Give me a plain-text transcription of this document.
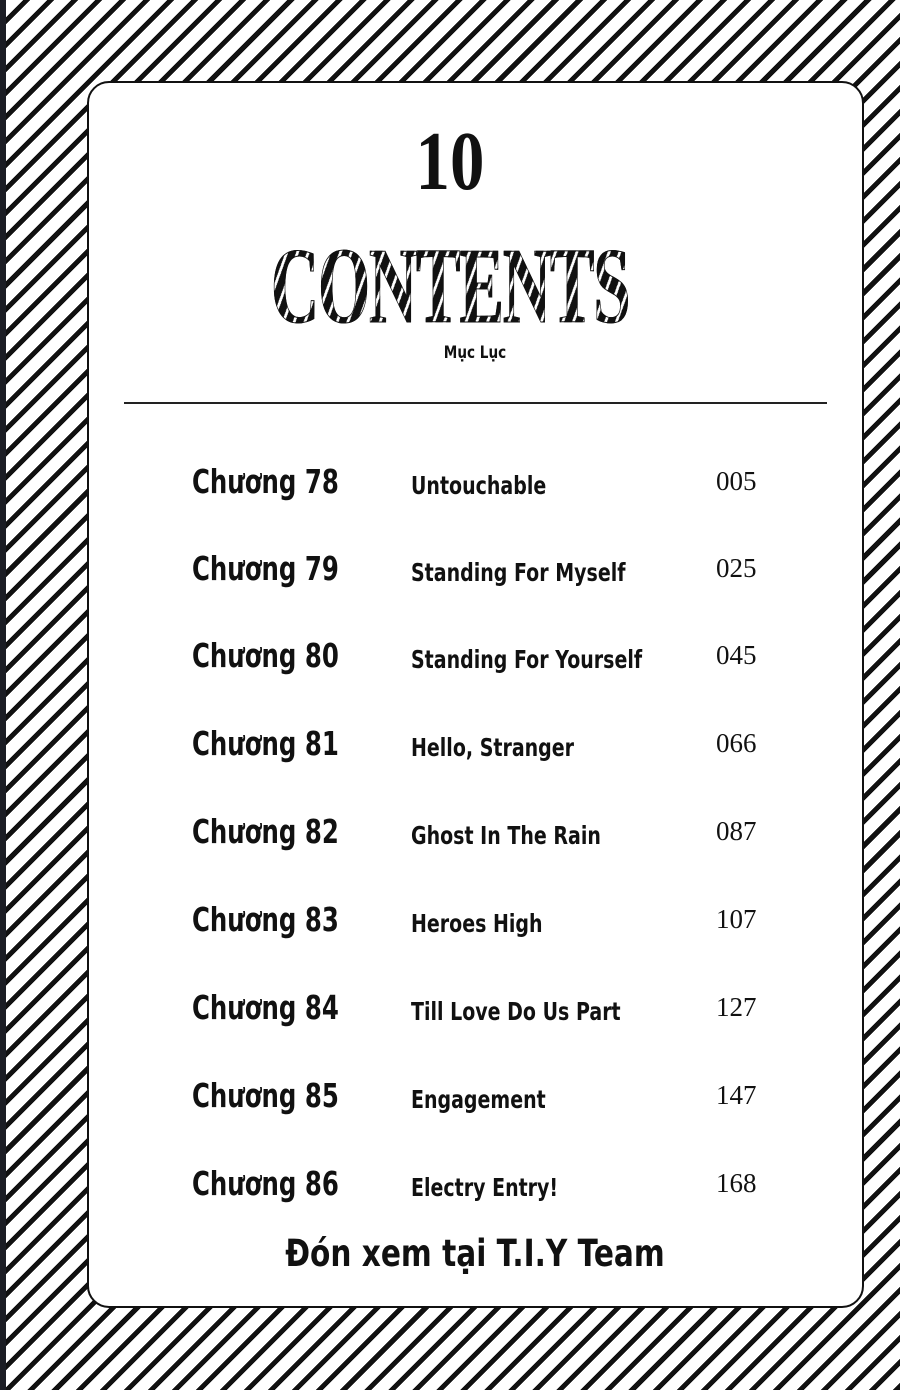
10
CONTENTS
Mục Lục
Chương 78	Untouchable	005
Chương 79	Standing For Myself	025
Chương 80	Standing For Yourself	045
Chương 81	Hello, Stranger	066
Chương 82	Ghost In The Rain	087
Chương 83	Heroes High	107
Chương 84	Till Love Do Us Part	127
Chương 85	Engagement	147
Chương 86	Electry Entry!	168
Đón xem tại T.I.Y Team
